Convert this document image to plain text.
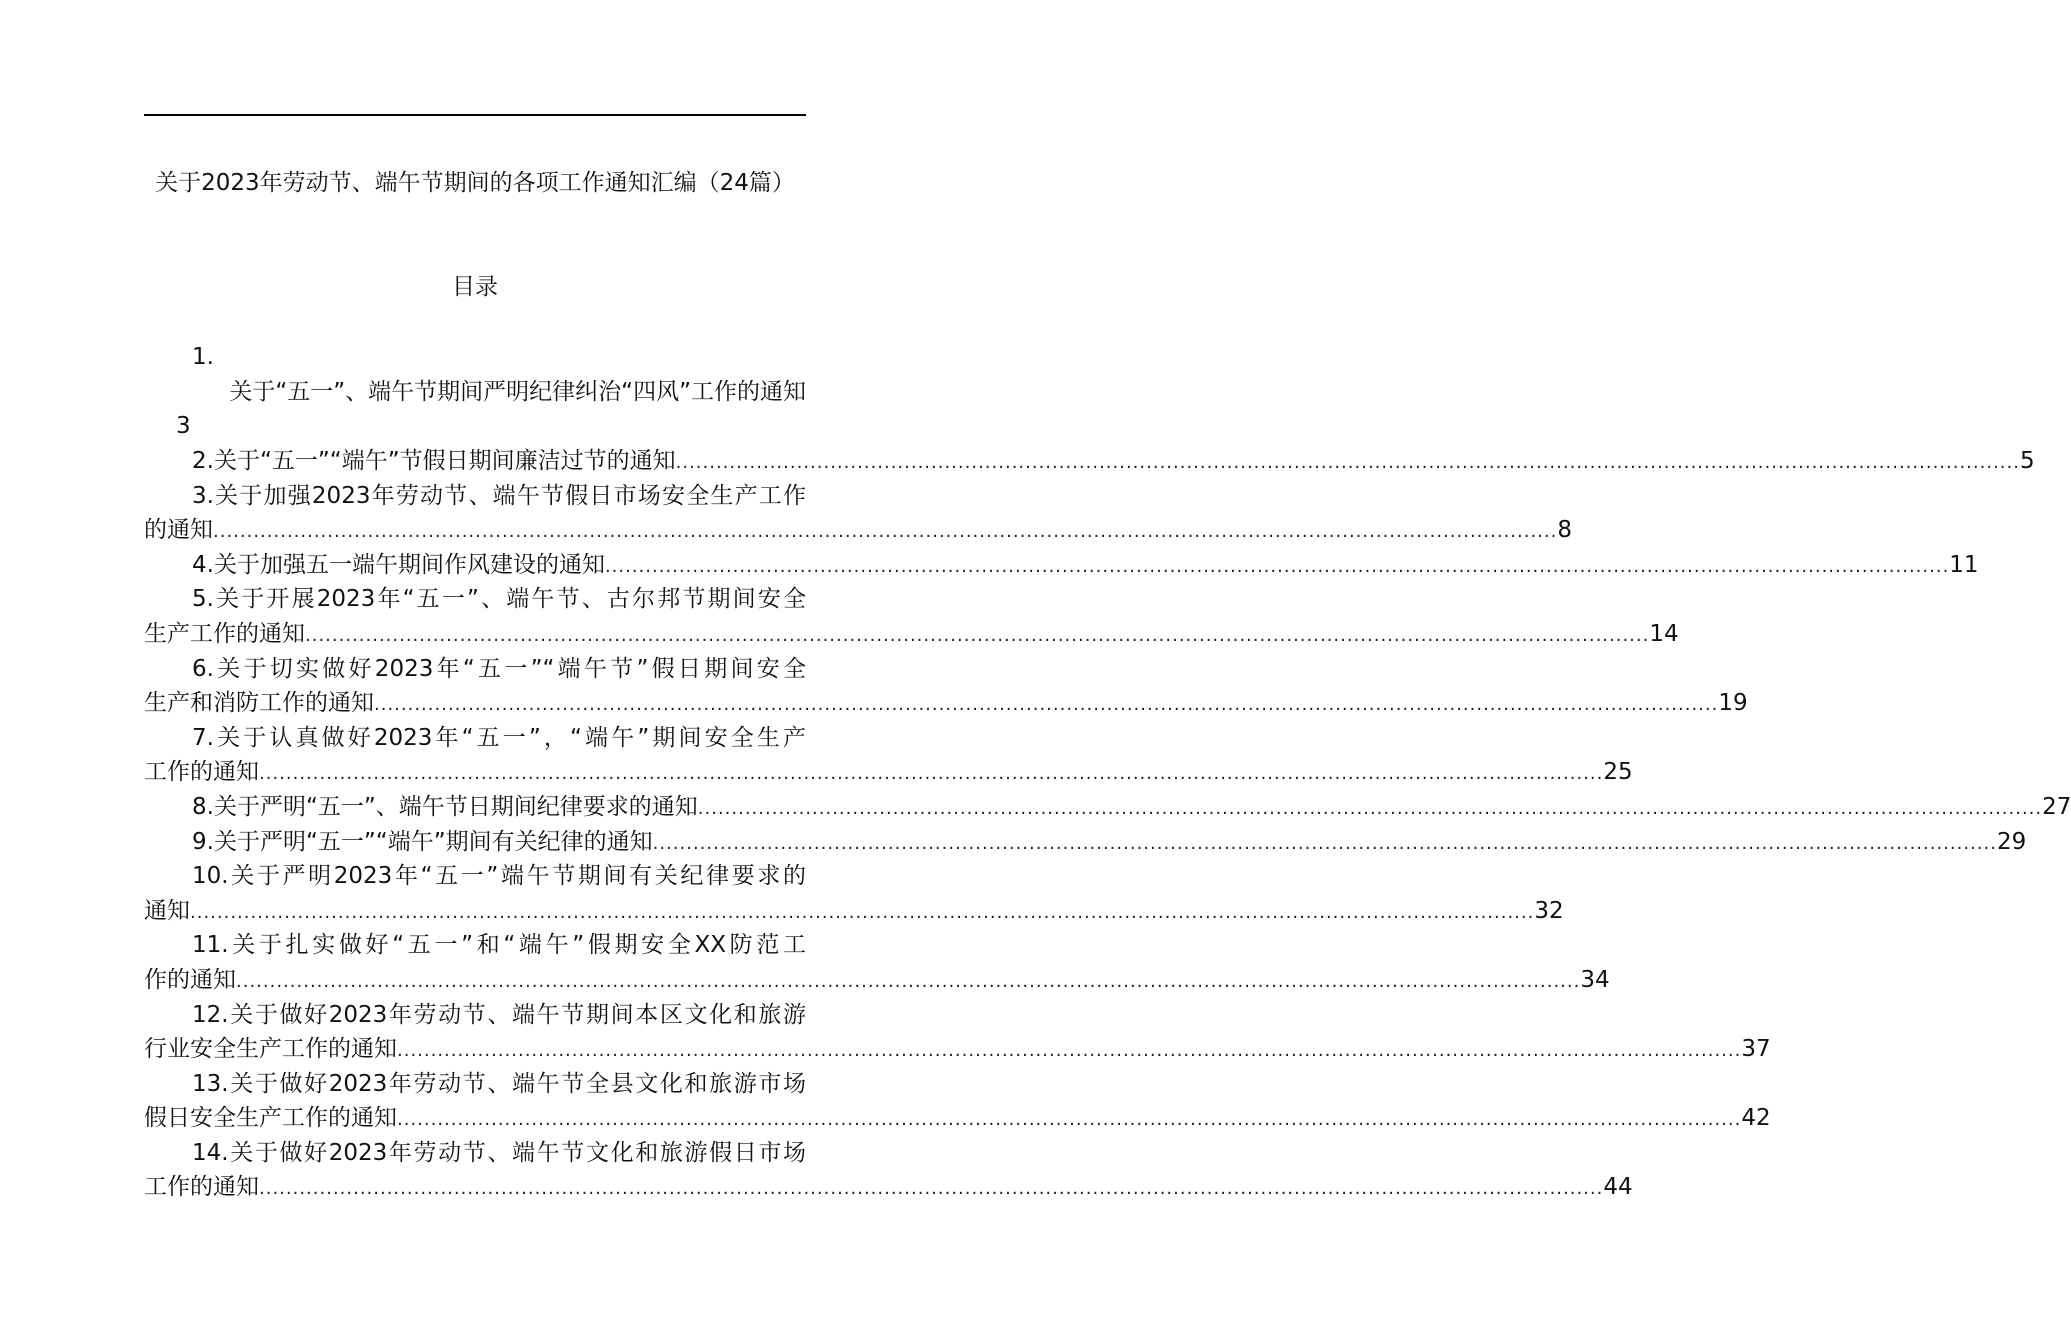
关于2023年劳动节、端午节期间的各项工作通知汇编（24篇）
目录
1.
关于“五一”、端午节期间严明纪律纠治“四风”工作的通知
3
2.关于“五一”“端午”节假日期间廉洁过节的通知 ........................................................................................................................................................................................................ 5
3.关于加强2023年劳动节、端午节假日市场安全生产工作
的通知 ........................................................................................................................................................................................................ 8
4.关于加强五一端午期间作风建设的通知 ........................................................................................................................................................................................................ 11
5.关于开展2023年“五一”、端午节、古尔邦节期间安全
生产工作的通知 ........................................................................................................................................................................................................ 14
6.关于切实做好2023年“五一”“端午节”假日期间安全
生产和消防工作的通知 ........................................................................................................................................................................................................ 19
7.关于认真做好2023年“五一”，“端午”期间安全生产
工作的通知 ........................................................................................................................................................................................................ 25
8.关于严明“五一”、端午节日期间纪律要求的通知 ........................................................................................................................................................................................................ 27
9.关于严明“五一”“端午”期间有关纪律的通知 ........................................................................................................................................................................................................ 29
10.关于严明2023年“五一”端午节期间有关纪律要求的
通知 ........................................................................................................................................................................................................ 32
11.关于扎实做好“五一”和“端午”假期安全XX防范工
作的通知 ........................................................................................................................................................................................................ 34
12.关于做好2023年劳动节、端午节期间本区文化和旅游
行业安全生产工作的通知 ........................................................................................................................................................................................................ 37
13.关于做好2023年劳动节、端午节全县文化和旅游市场
假日安全生产工作的通知 ........................................................................................................................................................................................................ 42
14.关于做好2023年劳动节、端午节文化和旅游假日市场
工作的通知 ........................................................................................................................................................................................................ 44
